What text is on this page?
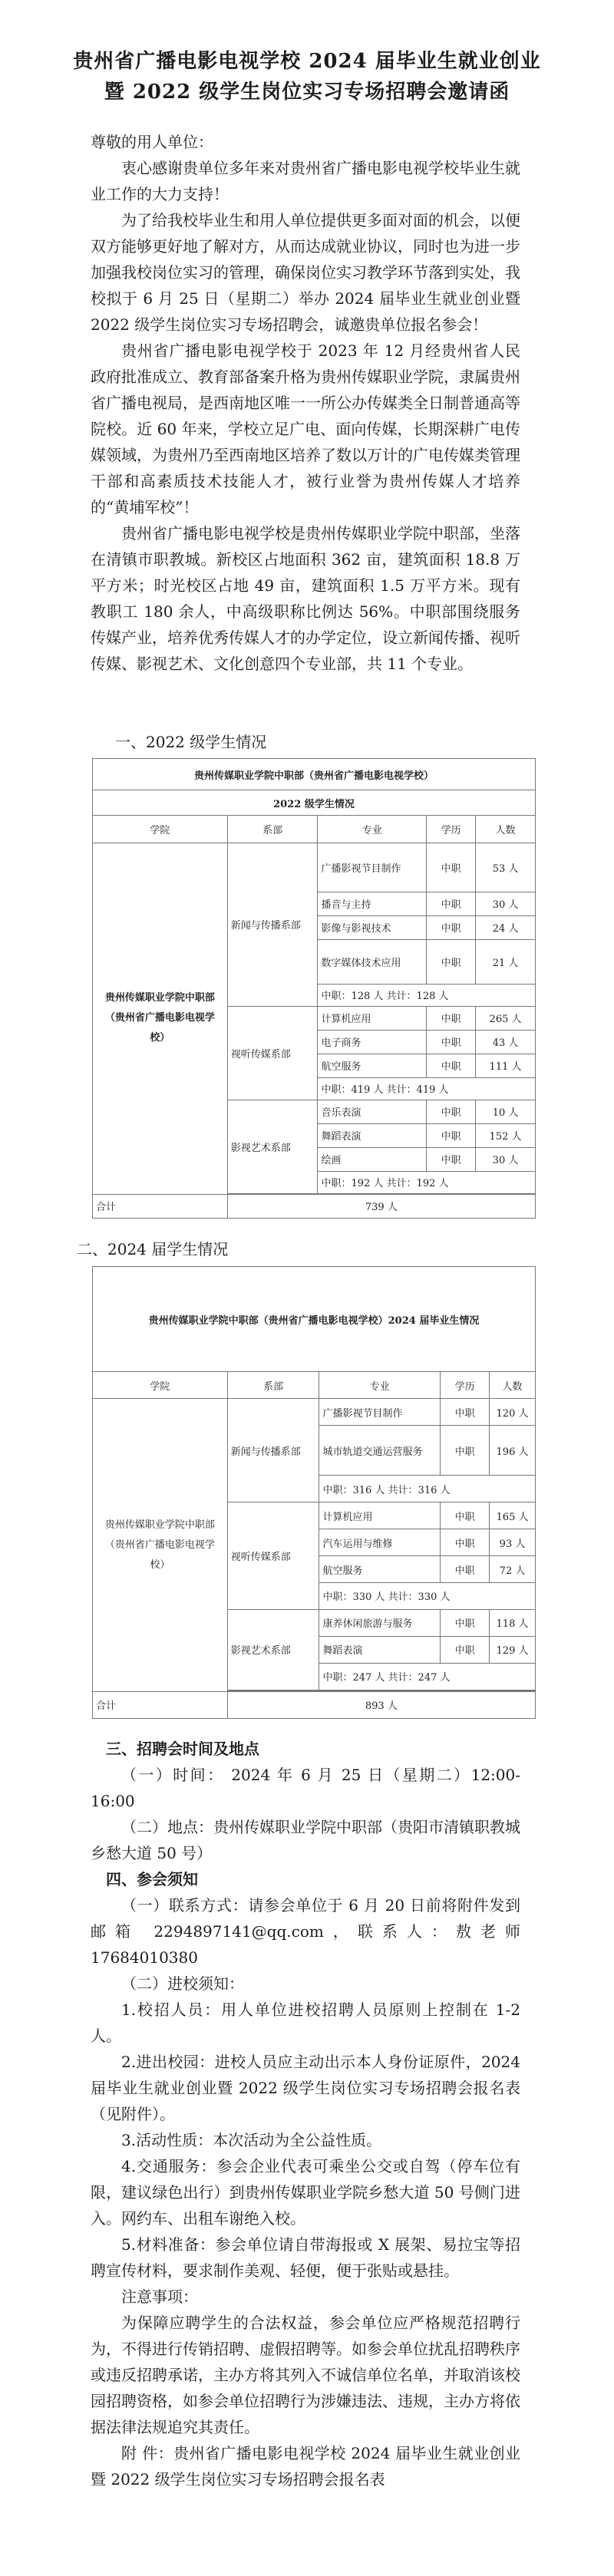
贵州省广播电影电视学校 2024 届毕业生就业创业
暨 2022 级学生岗位实习专场招聘会邀请函

尊敬的用人单位：

衷心感谢贵单位多年来对贵州省广播电影电视学校毕业生就业工作的大力支持！

为了给我校毕业生和用人单位提供更多面对面的机会，以便双方能够更好地了解对方，从而达成就业协议，同时也为进一步加强我校岗位实习的管理，确保岗位实习教学环节落到实处，我校拟于 6 月 25 日（星期二）举办 2024 届毕业生就业创业暨 2022 级学生岗位实习专场招聘会，诚邀贵单位报名参会！

贵州省广播电影电视学校于 2023 年 12 月经贵州省人民政府批准成立、教育部备案升格为贵州传媒职业学院，隶属贵州省广播电视局，是西南地区唯一一所公办传媒类全日制普通高等院校。近 60 年来，学校立足广电、面向传媒，长期深耕广电传媒领域，为贵州乃至西南地区培养了数以万计的广电传媒类管理干部和高素质技术技能人才，被行业誉为贵州传媒人才培养的“黄埔军校”！

贵州省广播电影电视学校是贵州传媒职业学院中职部，坐落在清镇市职教城。新校区占地面积 362 亩，建筑面积 18.8 万平方米；时光校区占地 49 亩，建筑面积 1.5 万平方米。现有教职工 180 余人，中高级职称比例达 56%。中职部围绕服务传媒产业，培养优秀传媒人才的办学定位，设立新闻传播、视听传媒、影视艺术、文化创意四个专业部，共 11 个专业。

一、2022 级学生情况
贵州传媒职业学院中职部（贵州省广播电影电视学校）				
2022 级学生情况				
学院	系部	专业	学历	人数
贵州传媒职业学院中职部（贵州省广播电影电视学校）	新闻与传播系部	广播影视节目制作	中职	53 人
		播音与主持	中职	30 人
		影像与影视技术	中职	24 人
		数字媒体技术应用	中职	21 人
		中职：128 人 共计：128 人		
	视听传媒系部	计算机应用	中职	265 人
		电子商务	中职	43 人
		航空服务	中职	111 人
		中职：419 人 共计：419 人		
	影视艺术系部	音乐表演	中职	10 人
		舞蹈表演	中职	152 人
		绘画	中职	30 人
		中职：192 人 共计：192 人		

合计	739 人			
二、2024 届学生情况
贵州传媒职业学院中职部（贵州省广播电影电视学校）2024 届毕业生情况				
学院	系部	专业	学历	人数
贵州传媒职业学院中职部（贵州省广播电影电视学校）	新闻与传播系部	广播影视节目制作	中职	120 人
		城市轨道交通运营服务	中职	196 人
		中职：316 人 共计：316 人		
	视听传媒系部	计算机应用	中职	165 人
		汽车运用与维修	中职	93 人
		航空服务	中职	72 人
		中职：330 人 共计：330 人		
	影视艺术系部	康养休闲旅游与服务	中职	118 人
		舞蹈表演	中职	129 人
		中职：247 人 共计：247 人		

合计	893 人			

三、招聘会时间及地点

（一）时间： 2024 年 6 月 25 日（星期二）12:00-16:00

（二）地点：贵州传媒职业学院中职部（贵阳市清镇职教城乡愁大道 50 号）

四、参会须知

（一）联系方式：请参会单位于 6 月 20 日前将附件发到邮箱 2294897141@qq.com，联系人：敖老师 17684010380

（二）进校须知：

1.校招人员：用人单位进校招聘人员原则上控制在 1-2 人。

2.进出校园：进校人员应主动出示本人身份证原件，2024 届毕业生就业创业暨 2022 级学生岗位实习专场招聘会报名表（见附件）。

3.活动性质：本次活动为全公益性质。

4.交通服务：参会企业代表可乘坐公交或自驾（停车位有限，建议绿色出行）到贵州传媒职业学院乡愁大道 50 号侧门进入。网约车、出租车谢绝入校。

5.材料准备：参会单位请自带海报或 X 展架、易拉宝等招聘宣传材料，要求制作美观、轻便，便于张贴或悬挂。

注意事项：

为保障应聘学生的合法权益，参会单位应严格规范招聘行为，不得进行传销招聘、虚假招聘等。如参会单位扰乱招聘秩序或违反招聘承诺，主办方将其列入不诚信单位名单，并取消该校园招聘资格，如参会单位招聘行为涉嫌违法、违规，主办方将依据法律法规追究其责任。

附 件：贵州省广播电影电视学校 2024 届毕业生就业创业暨 2022 级学生岗位实习专场招聘会报名表
